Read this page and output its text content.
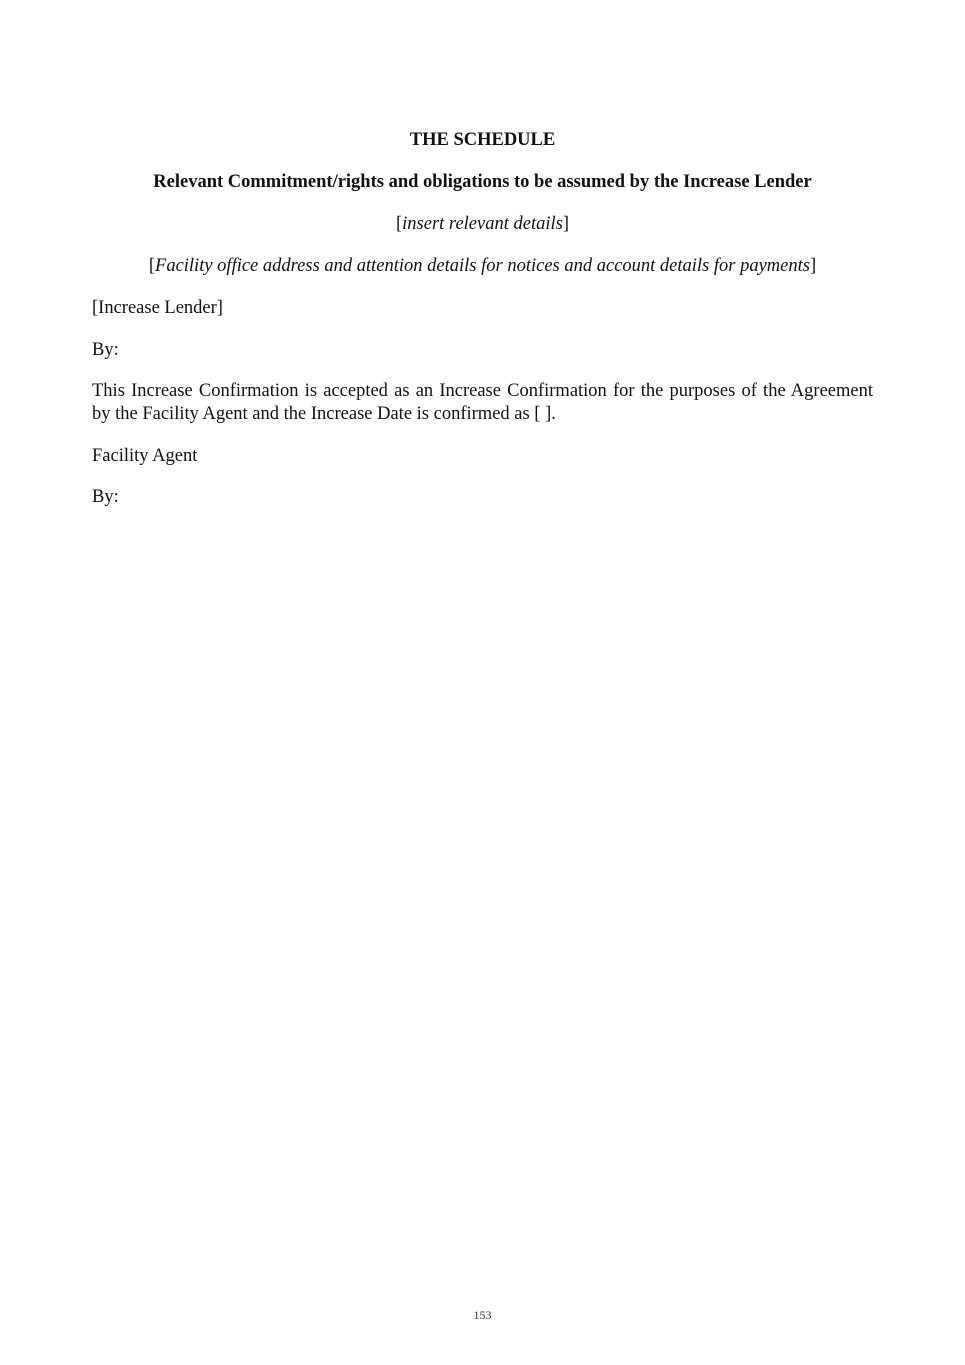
THE SCHEDULE
Relevant Commitment/rights and obligations to be assumed by the Increase Lender
[insert relevant details]
[Facility office address and attention details for notices and account details for payments]
[Increase Lender]
By:
This Increase Confirmation is accepted as an Increase Confirmation for the purposes of the Agreement by the Facility Agent and the Increase Date is confirmed as [ ].
Facility Agent
By:
153
